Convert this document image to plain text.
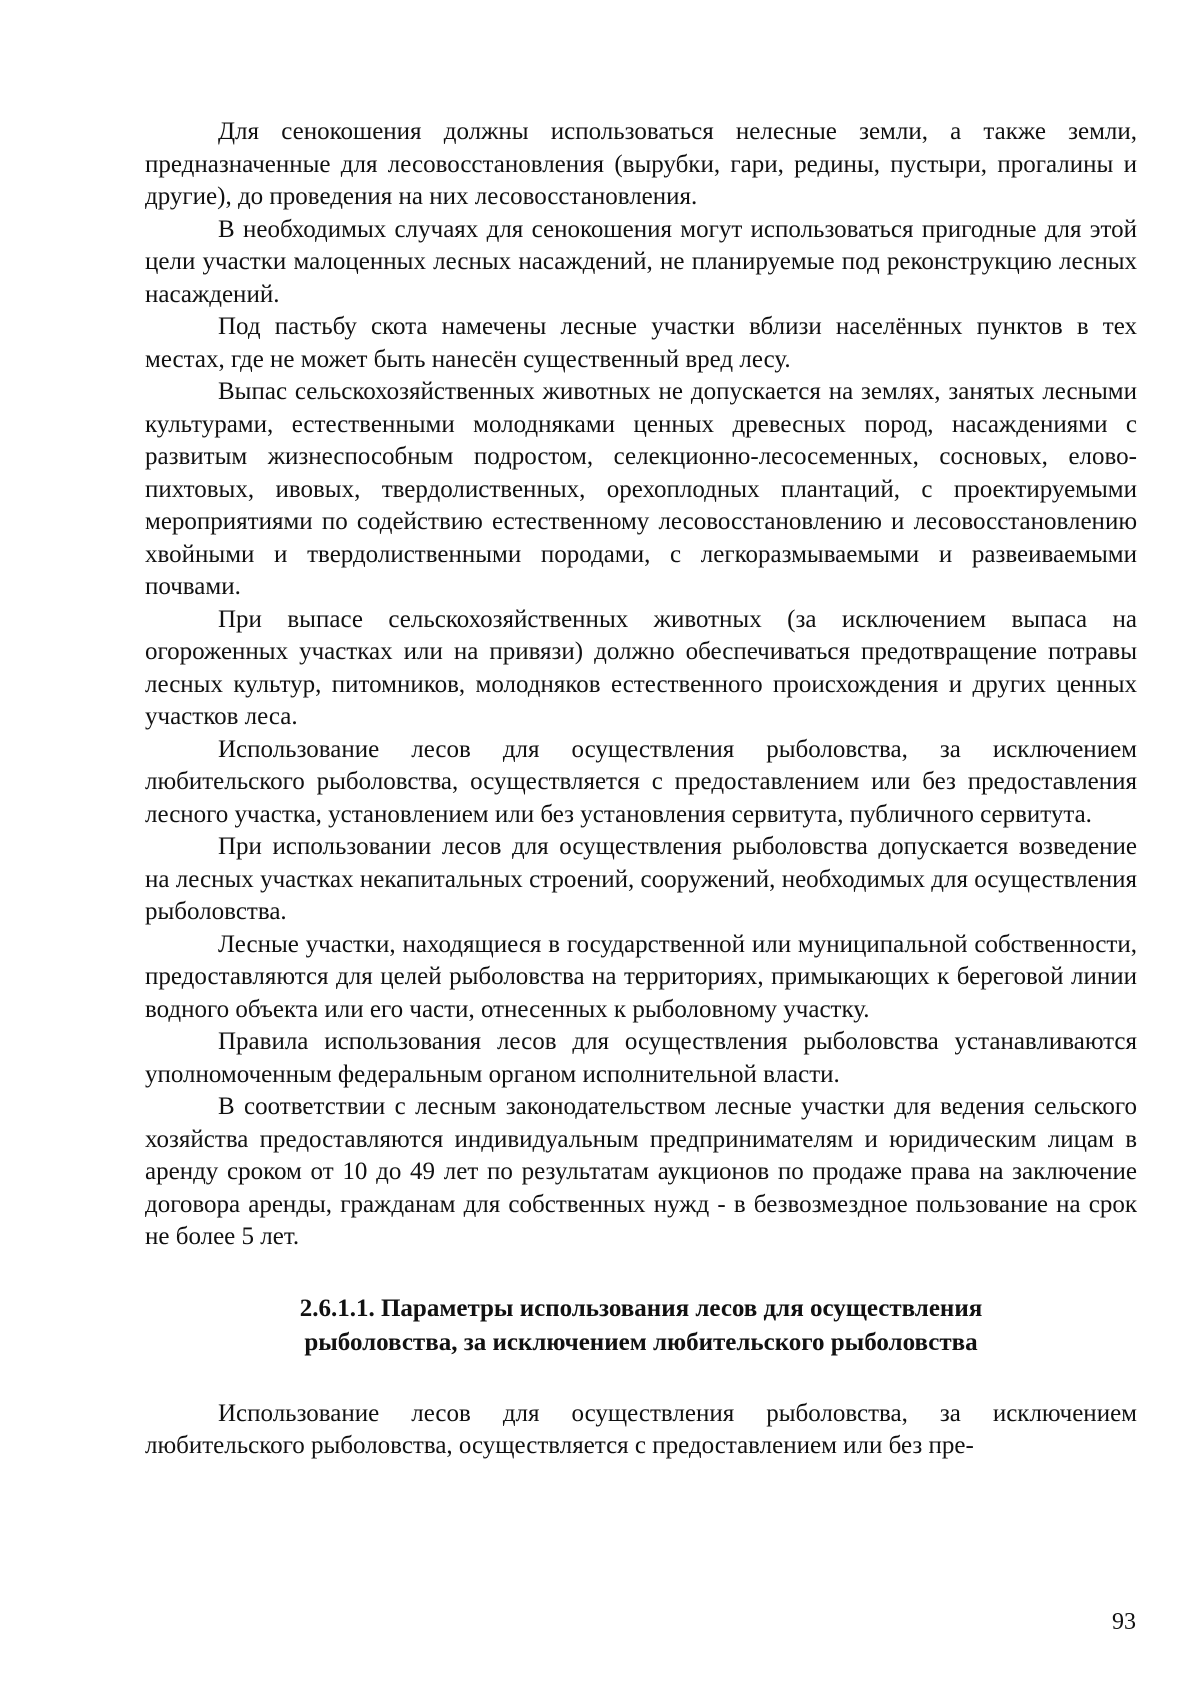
Для сенокошения должны использоваться нелесные земли, а также земли, предназначенные для лесовосстановления (вырубки, гари, редины, пустыри, прогалины и другие), до проведения на них лесовосстановления.

В необходимых случаях для сенокошения могут использоваться пригодные для этой цели участки малоценных лесных насаждений, не планируемые под реконструкцию лесных насаждений.

Под пастьбу скота намечены лесные участки вблизи населённых пунктов в тех местах, где не может быть нанесён существенный вред лесу.

Выпас сельскохозяйственных животных не допускается на землях, занятых лесными культурами, естественными молодняками ценных древесных пород, насаждениями с развитым жизнеспособным подростом, селекционно-лесосеменных, сосновых, елово-пихтовых, ивовых, твердолиственных, орехоплодных плантаций, с проектируемыми мероприятиями по содействию естественному лесовосстановлению и лесовосстановлению хвойными и твердолиственными породами, с легкоразмываемыми и развеиваемыми почвами.

При выпасе сельскохозяйственных животных (за исключением выпаса на огороженных участках или на привязи) должно обеспечиваться предотвращение потравы лесных культур, питомников, молодняков естественного происхождения и других ценных участков леса.

Использование лесов для осуществления рыболовства, за исключением любительского рыболовства, осуществляется с предоставлением или без предоставления лесного участка, установлением или без установления сервитута, публичного сервитута.

При использовании лесов для осуществления рыболовства допускается возведение на лесных участках некапитальных строений, сооружений, необходимых для осуществления рыболовства.

Лесные участки, находящиеся в государственной или муниципальной собственности, предоставляются для целей рыболовства на территориях, примыкающих к береговой линии водного объекта или его части, отнесенных к рыболовному участку.

Правила использования лесов для осуществления рыболовства устанавливаются уполномоченным федеральным органом исполнительной власти.

В соответствии с лесным законодательством лесные участки для ведения сельского хозяйства предоставляются индивидуальным предпринимателям и юридическим лицам в аренду сроком от 10 до 49 лет по результатам аукционов по продаже права на заключение договора аренды, гражданам для собственных нужд - в безвозмездное пользование на срок не более 5 лет.

2.6.1.1. Параметры использования лесов для осуществления
рыболовства, за исключением любительского рыболовства

Использование лесов для осуществления рыболовства, за исключением любительского рыболовства, осуществляется с предоставлением или без пре-

93
